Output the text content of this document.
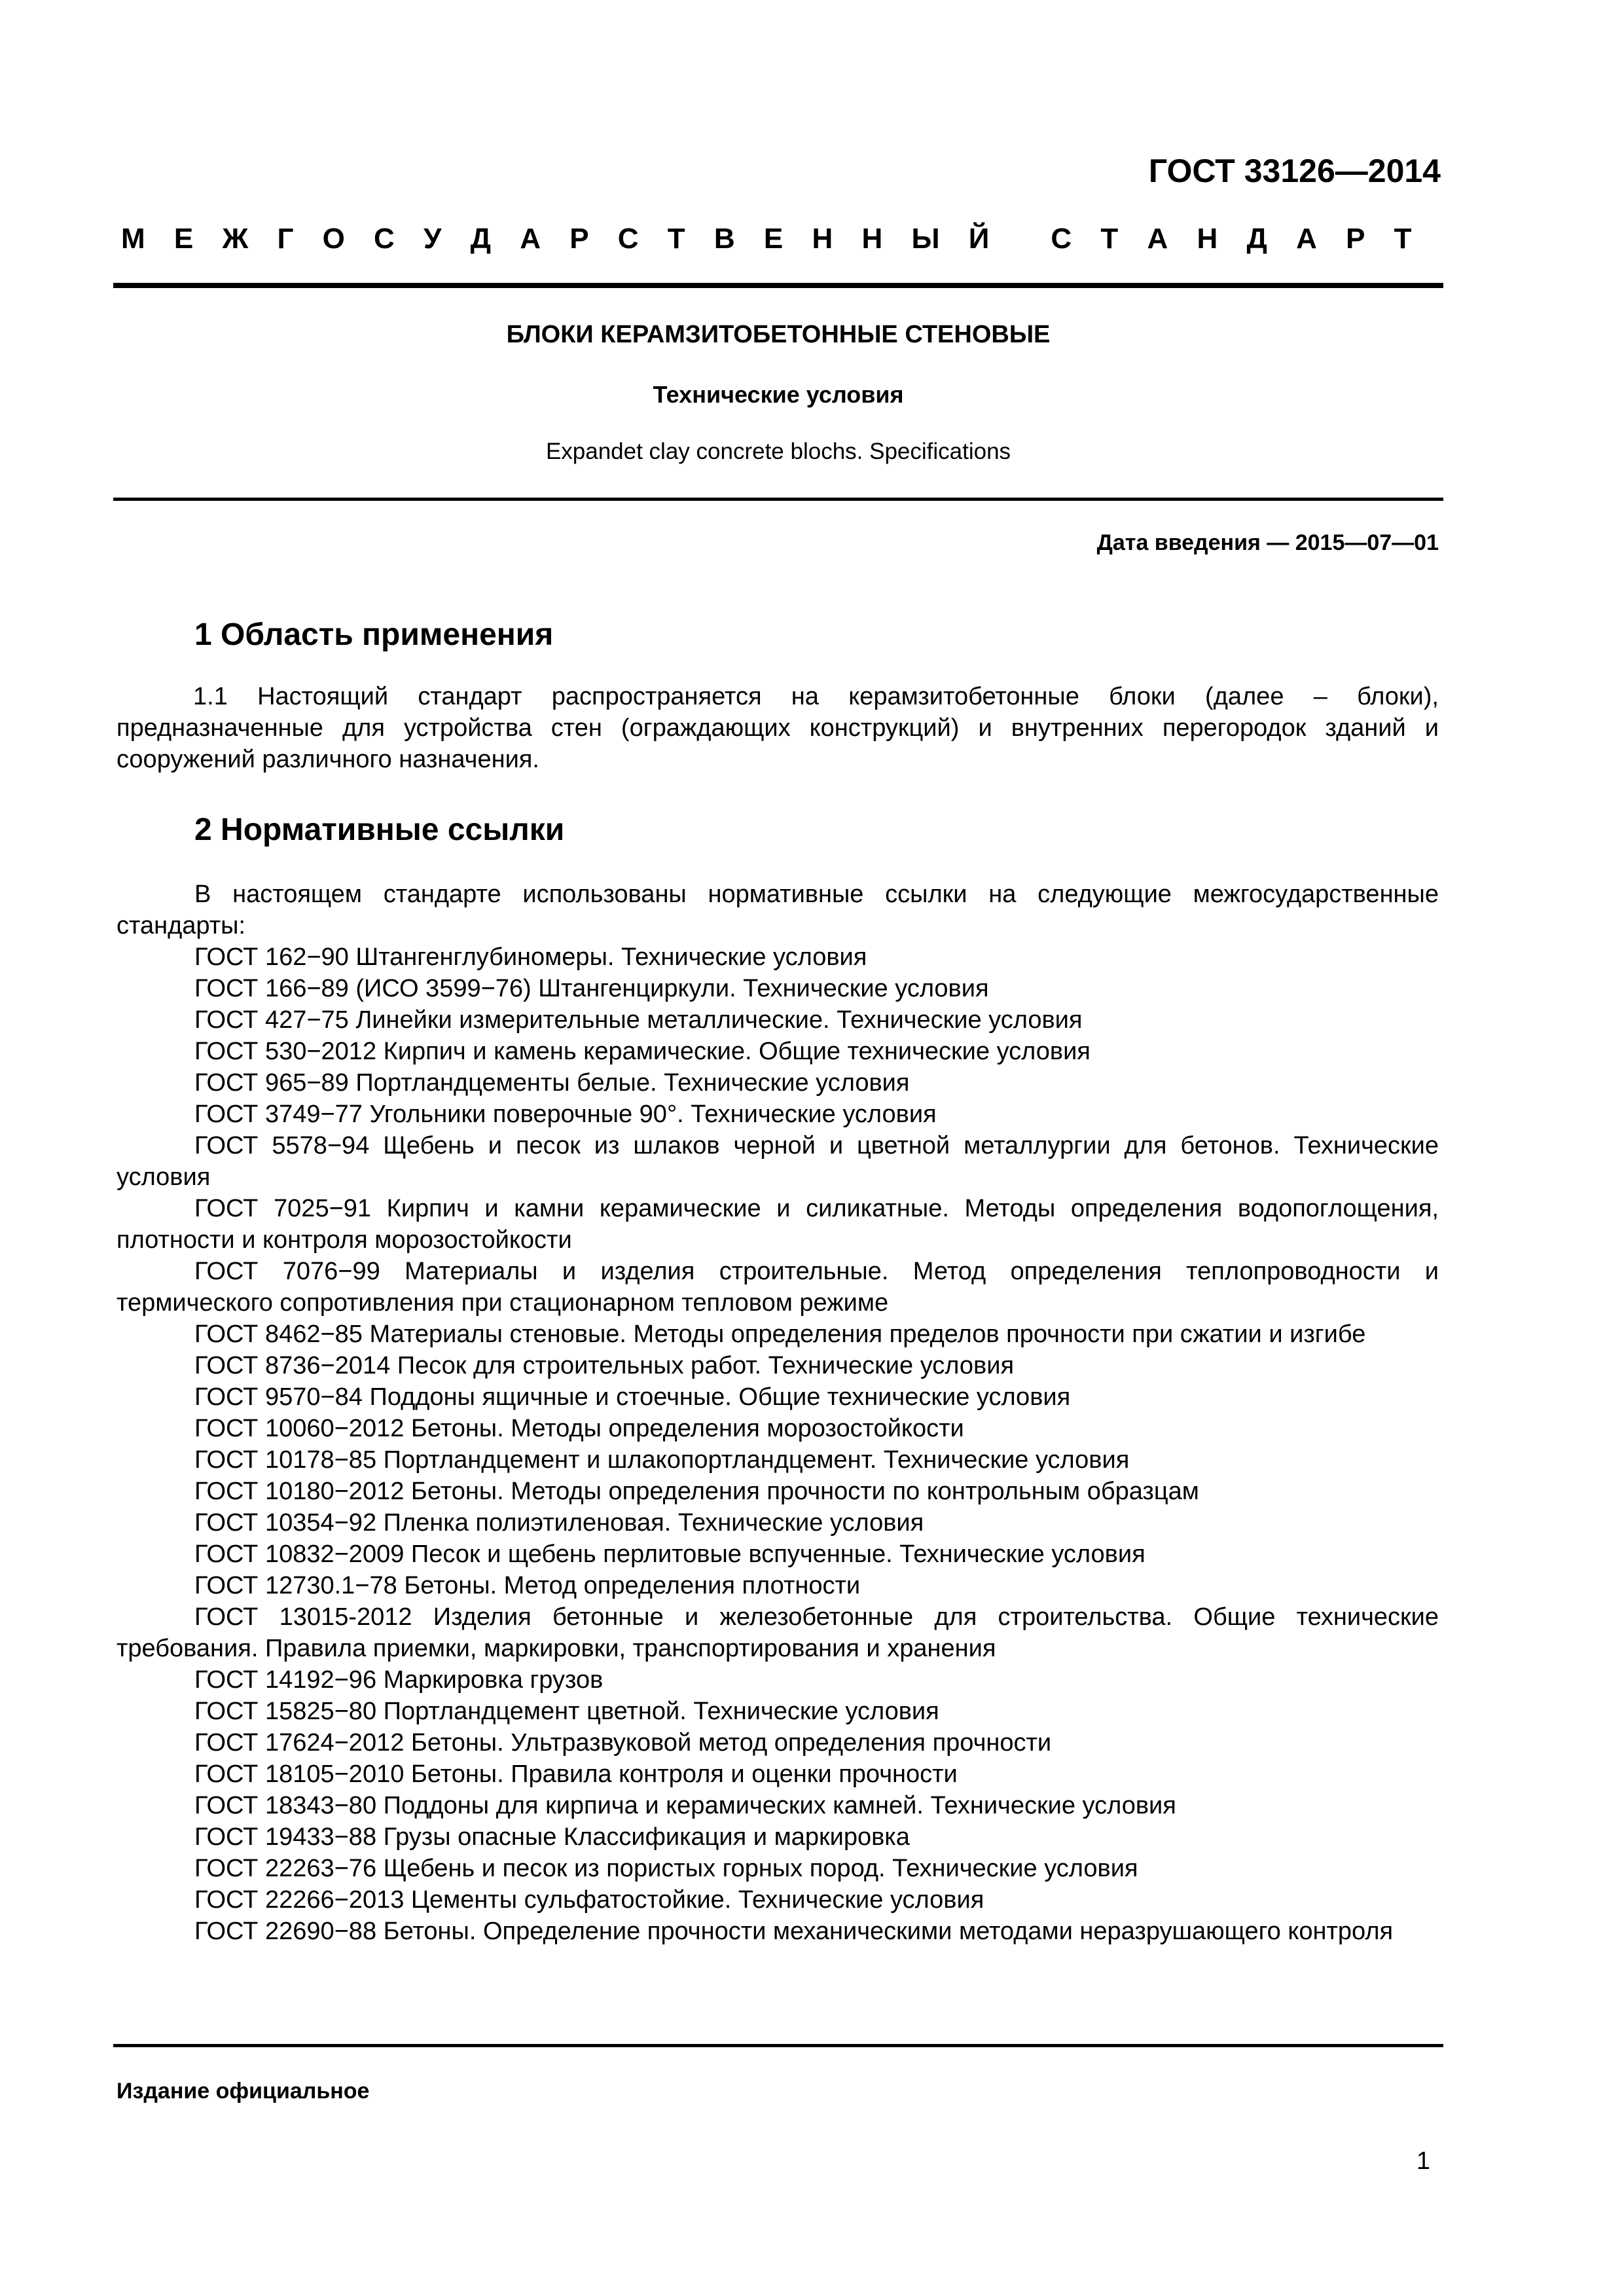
ГОСТ 33126—2014
М Е Ж Г О С У Д А Р С Т В Е Н Н Ы Й С Т А Н Д А Р Т
БЛОКИ КЕРАМЗИТОБЕТОННЫЕ СТЕНОВЫЕ
Технические условия
Expandet clay concrete blochs. Specifications
Дата введения — 2015—07—01
1 Область применения
1.1 Настоящий стандарт распространяется на керамзитобетонные блоки (далее – блоки), предназначенные для устройства стен (ограждающих конструкций) и внутренних перегородок зданий и сооружений различного назначения.
2 Нормативные ссылки
В настоящем стандарте использованы нормативные ссылки на следующие межгосударственные стандарты:
ГОСТ 162−90 Штангенглубиномеры. Технические условия
ГОСТ 166−89 (ИСО 3599−76) Штангенциркули. Технические условия
ГОСТ 427−75 Линейки измерительные металлические. Технические условия
ГОСТ 530−2012 Кирпич и камень керамические. Общие технические условия
ГОСТ 965−89 Портландцементы белые. Технические условия
ГОСТ 3749−77 Угольники поверочные 90°. Технические условия
ГОСТ 5578−94 Щебень и песок из шлаков черной и цветной металлургии для бетонов. Технические условия
ГОСТ 7025−91 Кирпич и камни керамические и силикатные. Методы определения водопоглощения, плотности и контроля морозостойкости
ГОСТ 7076−99 Материалы и изделия строительные. Метод определения теплопроводности и термического сопротивления при стационарном тепловом режиме
ГОСТ 8462−85 Материалы стеновые. Методы определения пределов прочности при сжатии и изгибе
ГОСТ 8736−2014 Песок для строительных работ. Технические условия
ГОСТ 9570−84 Поддоны ящичные и стоечные. Общие технические условия
ГОСТ 10060−2012 Бетоны. Методы определения морозостойкости
ГОСТ 10178−85 Портландцемент и шлакопортландцемент. Технические условия
ГОСТ 10180−2012 Бетоны. Методы определения прочности по контрольным образцам
ГОСТ 10354−92 Пленка полиэтиленовая. Технические условия
ГОСТ 10832−2009 Песок и щебень перлитовые вспученные. Технические условия
ГОСТ 12730.1−78 Бетоны. Метод определения плотности
ГОСТ 13015-2012 Изделия бетонные и железобетонные для строительства. Общие технические требования. Правила приемки, маркировки, транспортирования и хранения
ГОСТ 14192−96 Маркировка грузов
ГОСТ 15825−80 Портландцемент цветной. Технические условия
ГОСТ 17624−2012 Бетоны. Ультразвуковой метод определения прочности
ГОСТ 18105−2010 Бетоны. Правила контроля и оценки прочности
ГОСТ 18343−80 Поддоны для кирпича и керамических камней. Технические условия
ГОСТ 19433−88 Грузы опасные Классификация и маркировка
ГОСТ 22263−76 Щебень и песок из пористых горных пород. Технические условия
ГОСТ 22266−2013 Цементы сульфатостойкие. Технические условия
ГОСТ 22690−88 Бетоны. Определение прочности механическими методами неразрушающего контроля
Издание официальное
1
